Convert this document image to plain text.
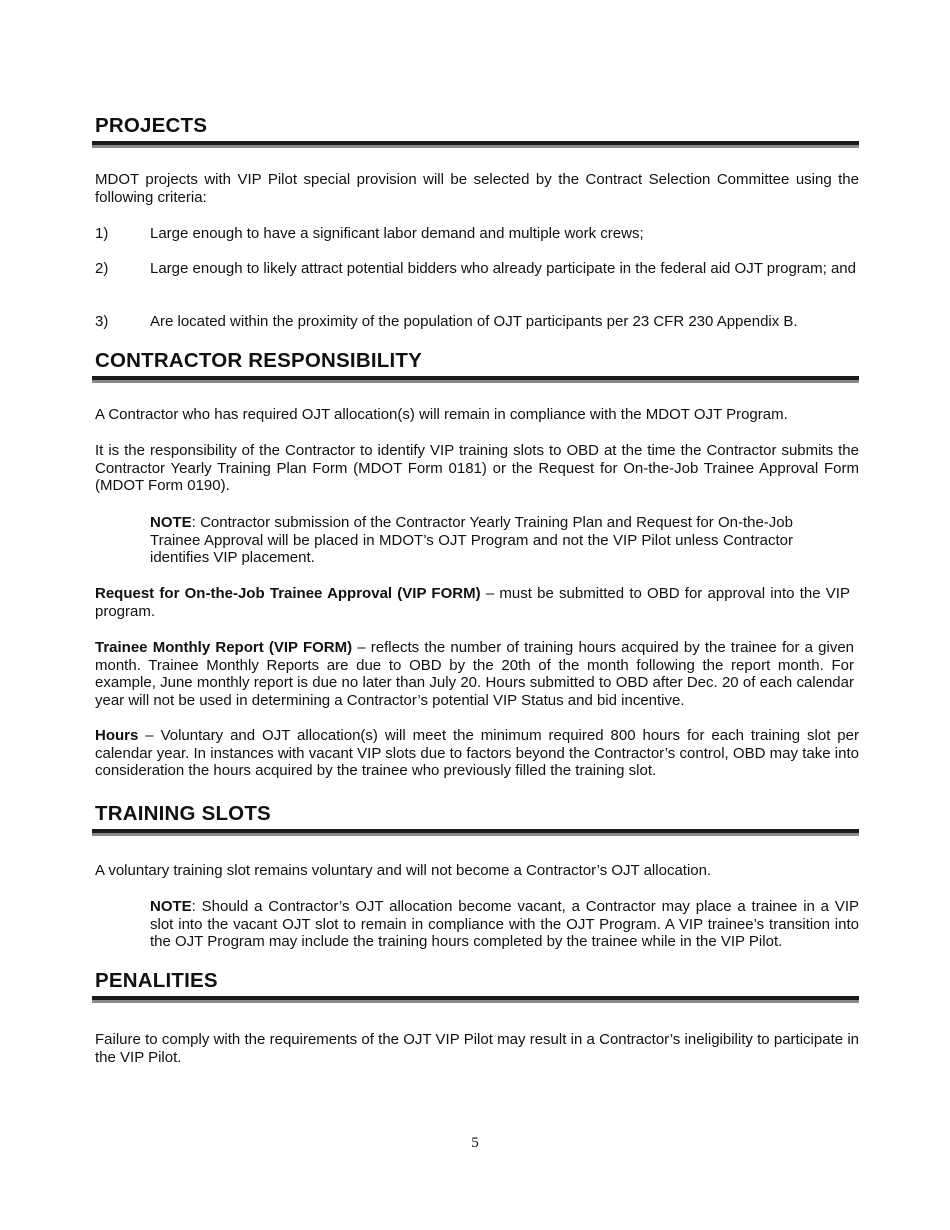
PROJECTS

MDOT projects with VIP Pilot special provision will be selected by the Contract Selection Committee using the following criteria:

1)	Large enough to have a significant labor demand and multiple work crews;
2)	Large enough to likely attract potential bidders who already participate in the federal aid OJT program; and
3)	Are located within the proximity of the population of OJT participants per 23 CFR 230 Appendix B.
CONTRACTOR RESPONSIBILITY

A Contractor who has required OJT allocation(s) will remain in compliance with the MDOT OJT Program.

It is the responsibility of the Contractor to identify VIP training slots to OBD at the time the Contractor submits the Contractor Yearly Training Plan Form (MDOT Form 0181) or the Request for On-the-Job Trainee Approval Form (MDOT Form 0190).

NOTE: Contractor submission of the Contractor Yearly Training Plan and Request for On-the-Job Trainee Approval will be placed in MDOT’s OJT Program and not the VIP Pilot unless Contractor identifies VIP placement.

Request for On-the-Job Trainee Approval (VIP FORM) – must be submitted to OBD for approval into the VIP program.

Trainee Monthly Report (VIP FORM) – reflects the number of training hours acquired by the trainee for a given month. Trainee Monthly Reports are due to OBD by the 20th of the month following the report month. For example, June monthly report is due no later than July 20. Hours submitted to OBD after Dec. 20 of each calendar year will not be used in determining a Contractor’s potential VIP Status and bid incentive.

Hours – Voluntary and OJT allocation(s) will meet the minimum required 800 hours for each training slot per calendar year. In instances with vacant VIP slots due to factors beyond the Contractor’s control, OBD may take into consideration the hours acquired by the trainee who previously filled the training slot.

TRAINING SLOTS

A voluntary training slot remains voluntary and will not become a Contractor’s OJT allocation.

NOTE: Should a Contractor’s OJT allocation become vacant, a Contractor may place a trainee in a VIP slot into the vacant OJT slot to remain in compliance with the OJT Program. A VIP trainee’s transition into the OJT Program may include the training hours completed by the trainee while in the VIP Pilot.

PENALITIES

Failure to comply with the requirements of the OJT VIP Pilot may result in a Contractor’s ineligibility to participate in the VIP Pilot.

5
